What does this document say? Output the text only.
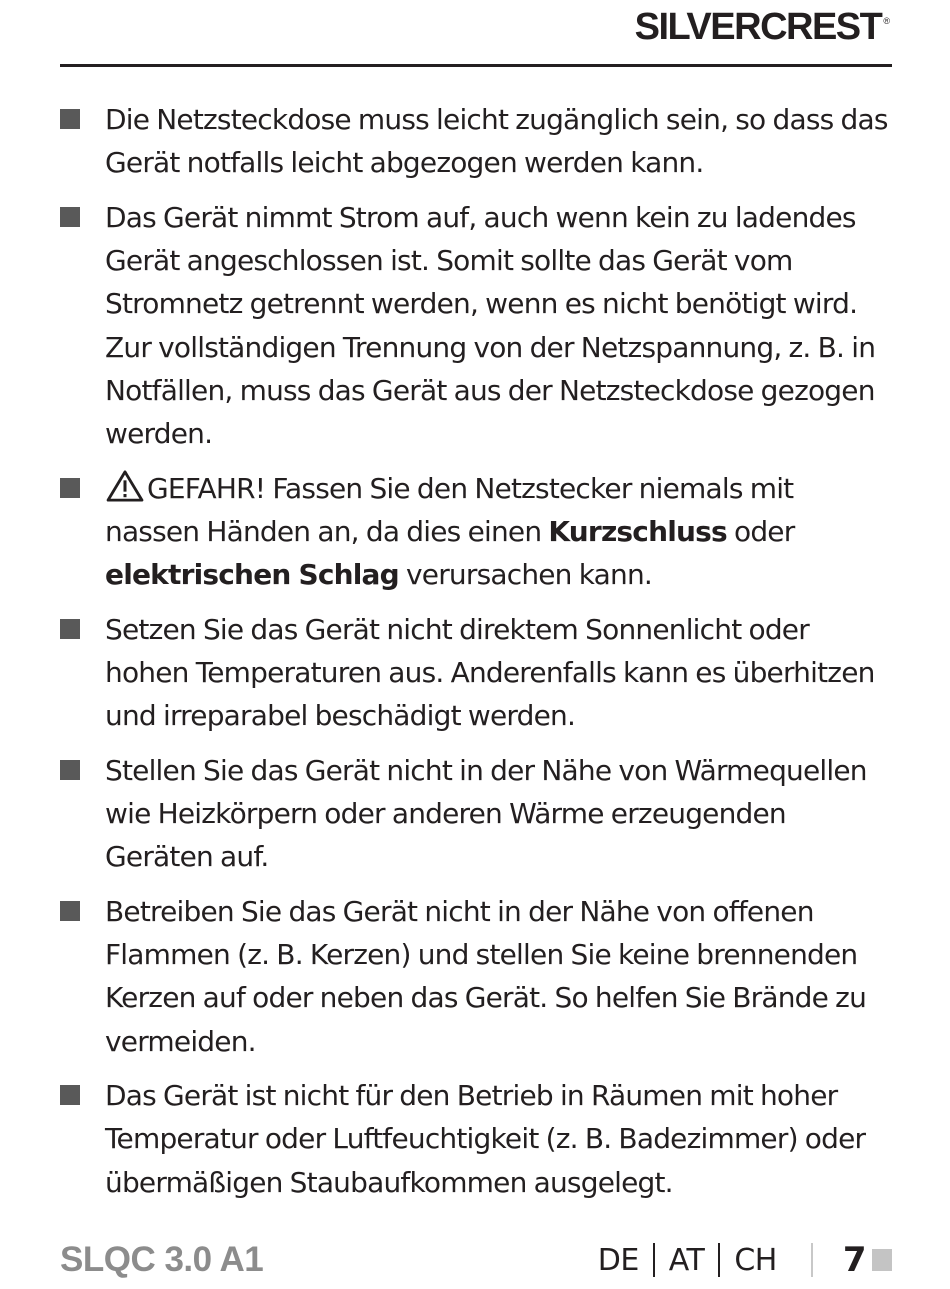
SILVER CREST ®
Die Netzsteckdose muss leicht zugänglich sein, so dass das Gerät notfalls leicht abgezogen werden kann.
Das Gerät nimmt Strom auf, auch wenn kein zu ladendes Gerät angeschlossen ist. Somit sollte das Gerät vom Stromnetz getrennt werden, wenn es nicht benötigt wird. Zur vollständigen Trennung von der Netzspannung, z. B. in Notfällen, muss das Gerät aus der Netzsteckdose gezogen werden.
GEFAHR! Fassen Sie den Netzstecker niemals mit nassen Händen an, da dies einen Kurzschluss oder elektrischen Schlag verursachen kann.
Setzen Sie das Gerät nicht direktem Sonnenlicht oder hohen Temperaturen aus. Anderenfalls kann es überhitzen und irreparabel beschädigt werden.
Stellen Sie das Gerät nicht in der Nähe von Wärmequellen wie Heizkörpern oder anderen Wärme erzeugenden Geräten auf.
Betreiben Sie das Gerät nicht in der Nähe von offenen Flammen (z. B. Kerzen) und stellen Sie keine brennenden Kerzen auf oder neben das Gerät. So helfen Sie Brände zu vermeiden.
Das Gerät ist nicht für den Betrieb in Räumen mit hoher Temperatur oder Luftfeuchtigkeit (z. B. Badezimmer) oder übermäßigen Staubaufkommen ausgelegt.
SLQC 3.0 A1	DE AT CH 7
